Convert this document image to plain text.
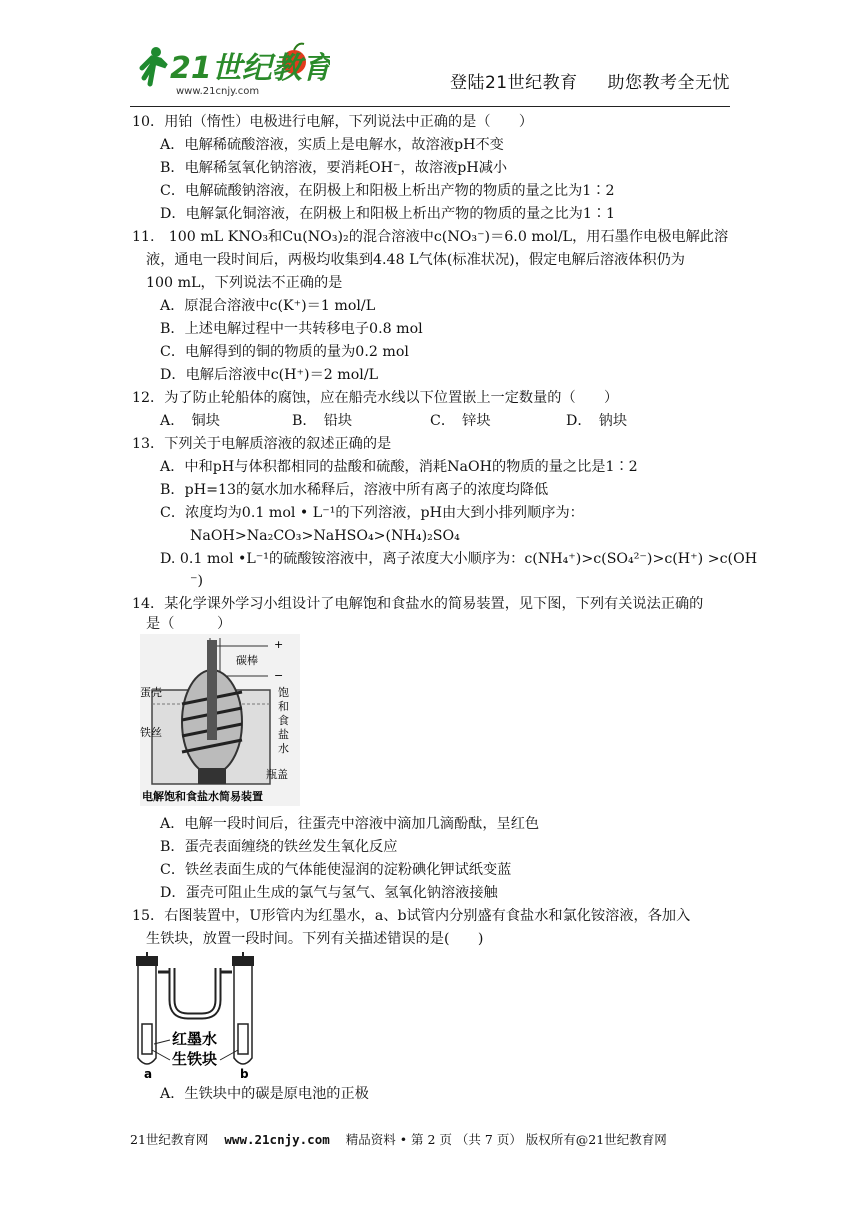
21世纪教育
www.21cnjy.com	登陆21世纪教育 助您教考全无忧
10．用铂（惰性）电极进行电解，下列说法中正确的是（　　）
A．电解稀硫酸溶液，实质上是电解水，故溶液pH不变
B．电解稀氢氧化钠溶液，要消耗OH⁻，故溶液pH减小
C．电解硫酸钠溶液，在阴极上和阳极上析出产物的物质的量之比为1∶2
D．电解氯化铜溶液，在阴极上和阳极上析出产物的物质的量之比为1∶1
11.　100 mL KNO₃和Cu(NO₃)₂的混合溶液中c(NO₃⁻)＝6.0 mol/L，用石墨作电极电解此溶
液，通电一段时间后，两极均收集到4.48 L气体(标准状况)，假定电解后溶液体积仍为
100 mL，下列说法不正确的是
A．原混合溶液中c(K⁺)＝1 mol/L
B．上述电解过程中一共转移电子0.8 mol
C．电解得到的铜的物质的量为0.2 mol
D．电解后溶液中c(H⁺)＝2 mol/L
12．为了防止轮船体的腐蚀，应在船壳水线以下位置嵌上一定数量的（　　）
A．　铜块	B．　铅块	C．　锌块	D．　钠块
13．下列关于电解质溶液的叙述正确的是
A．中和pH与体积都相同的盐酸和硫酸，消耗NaOH的物质的量之比是1∶2
B．pH=13的氨水加水稀释后，溶液中所有离子的浓度均降低
C．浓度均为0.1 mol • L⁻¹的下列溶液，pH由大到小排列顺序为：
NaOH>Na₂CO₃>NaHSO₄>(NH₄)₂SO₄
D. 0.1 mol •L⁻¹的硫酸铵溶液中，离子浓度大小顺序为：c(NH₄⁺)>c(SO₄²⁻)>c(H⁺) >c(OH
⁻)
14．某化学课外学习小组设计了电解饱和食盐水的简易装置，见下图，下列有关说法正确的
是（　　　）
+
−
碳棒
蛋壳
铁丝
饱
和
食
盐
水
瓶盖
电解饱和食盐水简易装置
A．电解一段时间后，往蛋壳中溶液中滴加几滴酚酞，呈红色
B．蛋壳表面缠绕的铁丝发生氧化反应
C．铁丝表面生成的气体能使湿润的淀粉碘化钾试纸变蓝
D．蛋壳可阻止生成的氯气与氢气、氢氧化钠溶液接触
15．右图装置中，U形管内为红墨水，a、b试管内分别盛有食盐水和氯化铵溶液，各加入
生铁块，放置一段时间。下列有关描述错误的是(　　)
红墨水
生铁块
a	b
A．生铁块中的碳是原电池的正极
21世纪教育网 www.21cnjy.com 精品资料 • 第 2 页 （共 7 页） 版权所有@21世纪教育网
